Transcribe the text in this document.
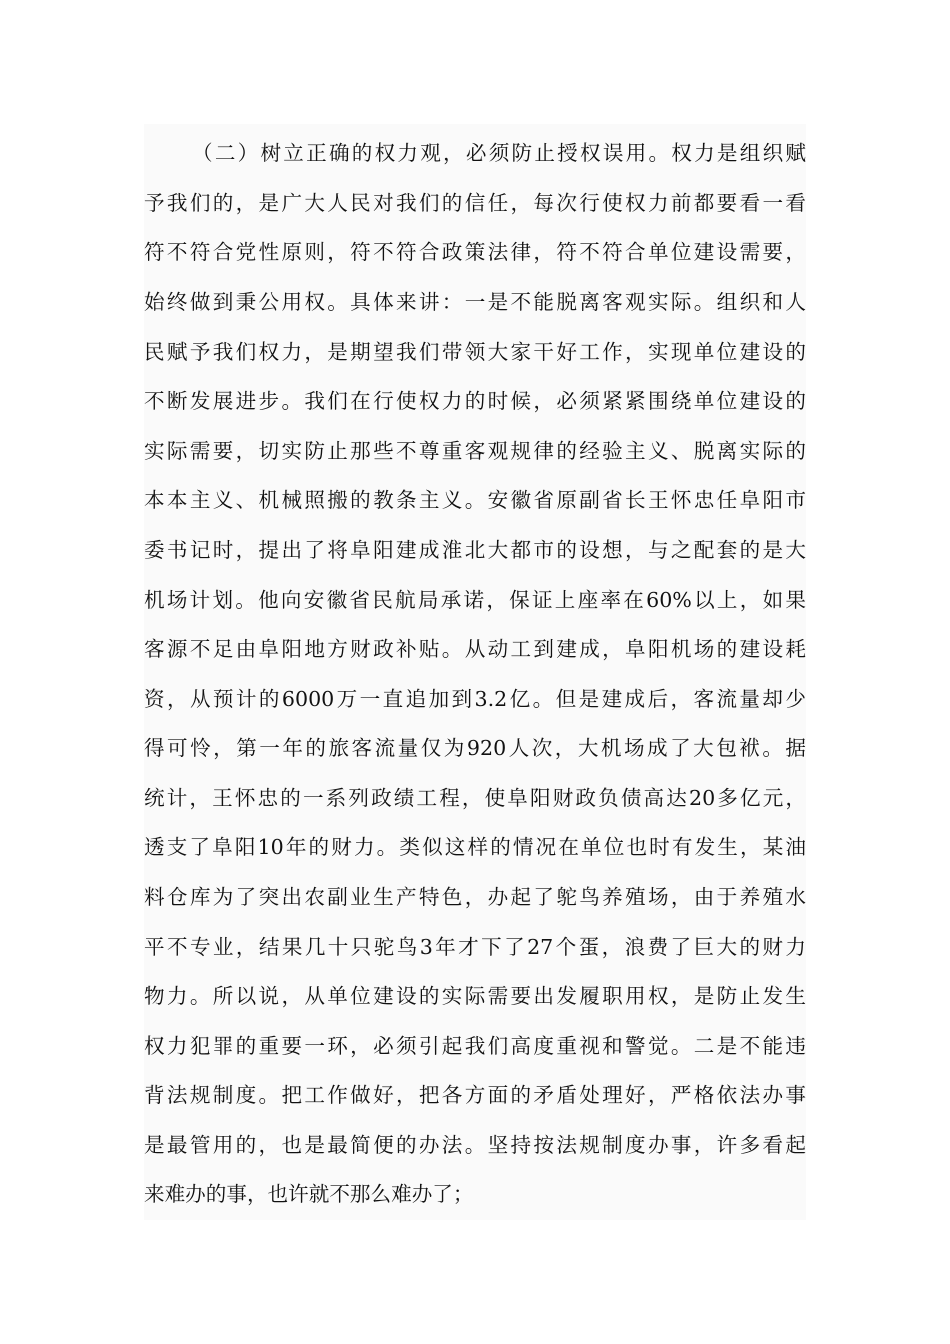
（二）树立正确的权力观，必须防止授权误用。权力是组织赋
予我们的，是广大人民对我们的信任，每次行使权力前都要看一看
符不符合党性原则，符不符合政策法律，符不符合单位建设需要，
始终做到秉公用权。具体来讲：一是不能脱离客观实际。组织和人
民赋予我们权力，是期望我们带领大家干好工作，实现单位建设的
不断发展进步。我们在行使权力的时候，必须紧紧围绕单位建设的
实际需要，切实防止那些不尊重客观规律的经验主义、脱离实际的
本本主义、机械照搬的教条主义。安徽省原副省长王怀忠任阜阳市
委书记时，提出了将阜阳建成淮北大都市的设想，与之配套的是大
机场计划。他向安徽省民航局承诺，保证上座率在60%以上，如果
客源不足由阜阳地方财政补贴。从动工到建成，阜阳机场的建设耗
资，从预计的6000万一直追加到3.2亿。但是建成后，客流量却少
得可怜，第一年的旅客流量仅为920人次，大机场成了大包袱。据
统计，王怀忠的一系列政绩工程，使阜阳财政负债高达20多亿元，
透支了阜阳10年的财力。类似这样的情况在单位也时有发生，某油
料仓库为了突出农副业生产特色，办起了鸵鸟养殖场，由于养殖水
平不专业，结果几十只驼鸟3年才下了27个蛋，浪费了巨大的财力
物力。所以说，从单位建设的实际需要出发履职用权，是防止发生
权力犯罪的重要一环，必须引起我们高度重视和警觉。二是不能违
背法规制度。把工作做好，把各方面的矛盾处理好，严格依法办事
是最管用的，也是最简便的办法。坚持按法规制度办事，许多看起
来难办的事，也许就不那么难办了；
